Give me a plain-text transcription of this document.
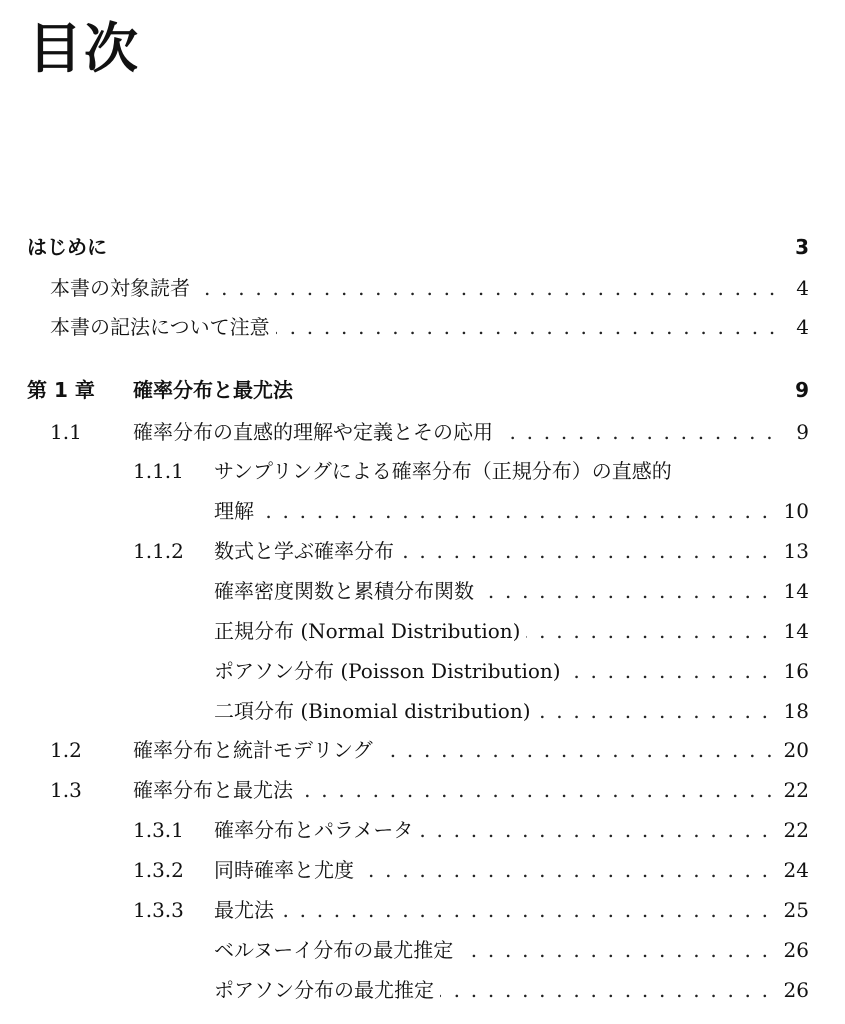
目次
はじめに	3
本書の対象読者 . . .	4
本書の記法について注意 . . .	4
第 1 章 確率分布と最尤法	9
1.1	確率分布の直感的理解や定義とその応用 . . .	9
1.1.1 サンプリングによる確率分布（正規分布）の直感的
理解 . . .	10
1.1.2 数式と学ぶ確率分布 . . .	13
確率密度関数と累積分布関数 . . .	14
正規分布 (Normal Distribution) . . .	14
ポアソン分布 (Poisson Distribution) . . .	16
二項分布 (Binomial distribution) . . .	18
1.2	確率分布と統計モデリング . . .	20
1.3	確率分布と最尤法 . . .	22
1.3.1 確率分布とパラメータ . . .	22
1.3.2 同時確率と尤度 . . .	24
1.3.3 最尤法 . . .	25
ベルヌーイ分布の最尤推定 . . .	26
ポアソン分布の最尤推定 . . .	26
